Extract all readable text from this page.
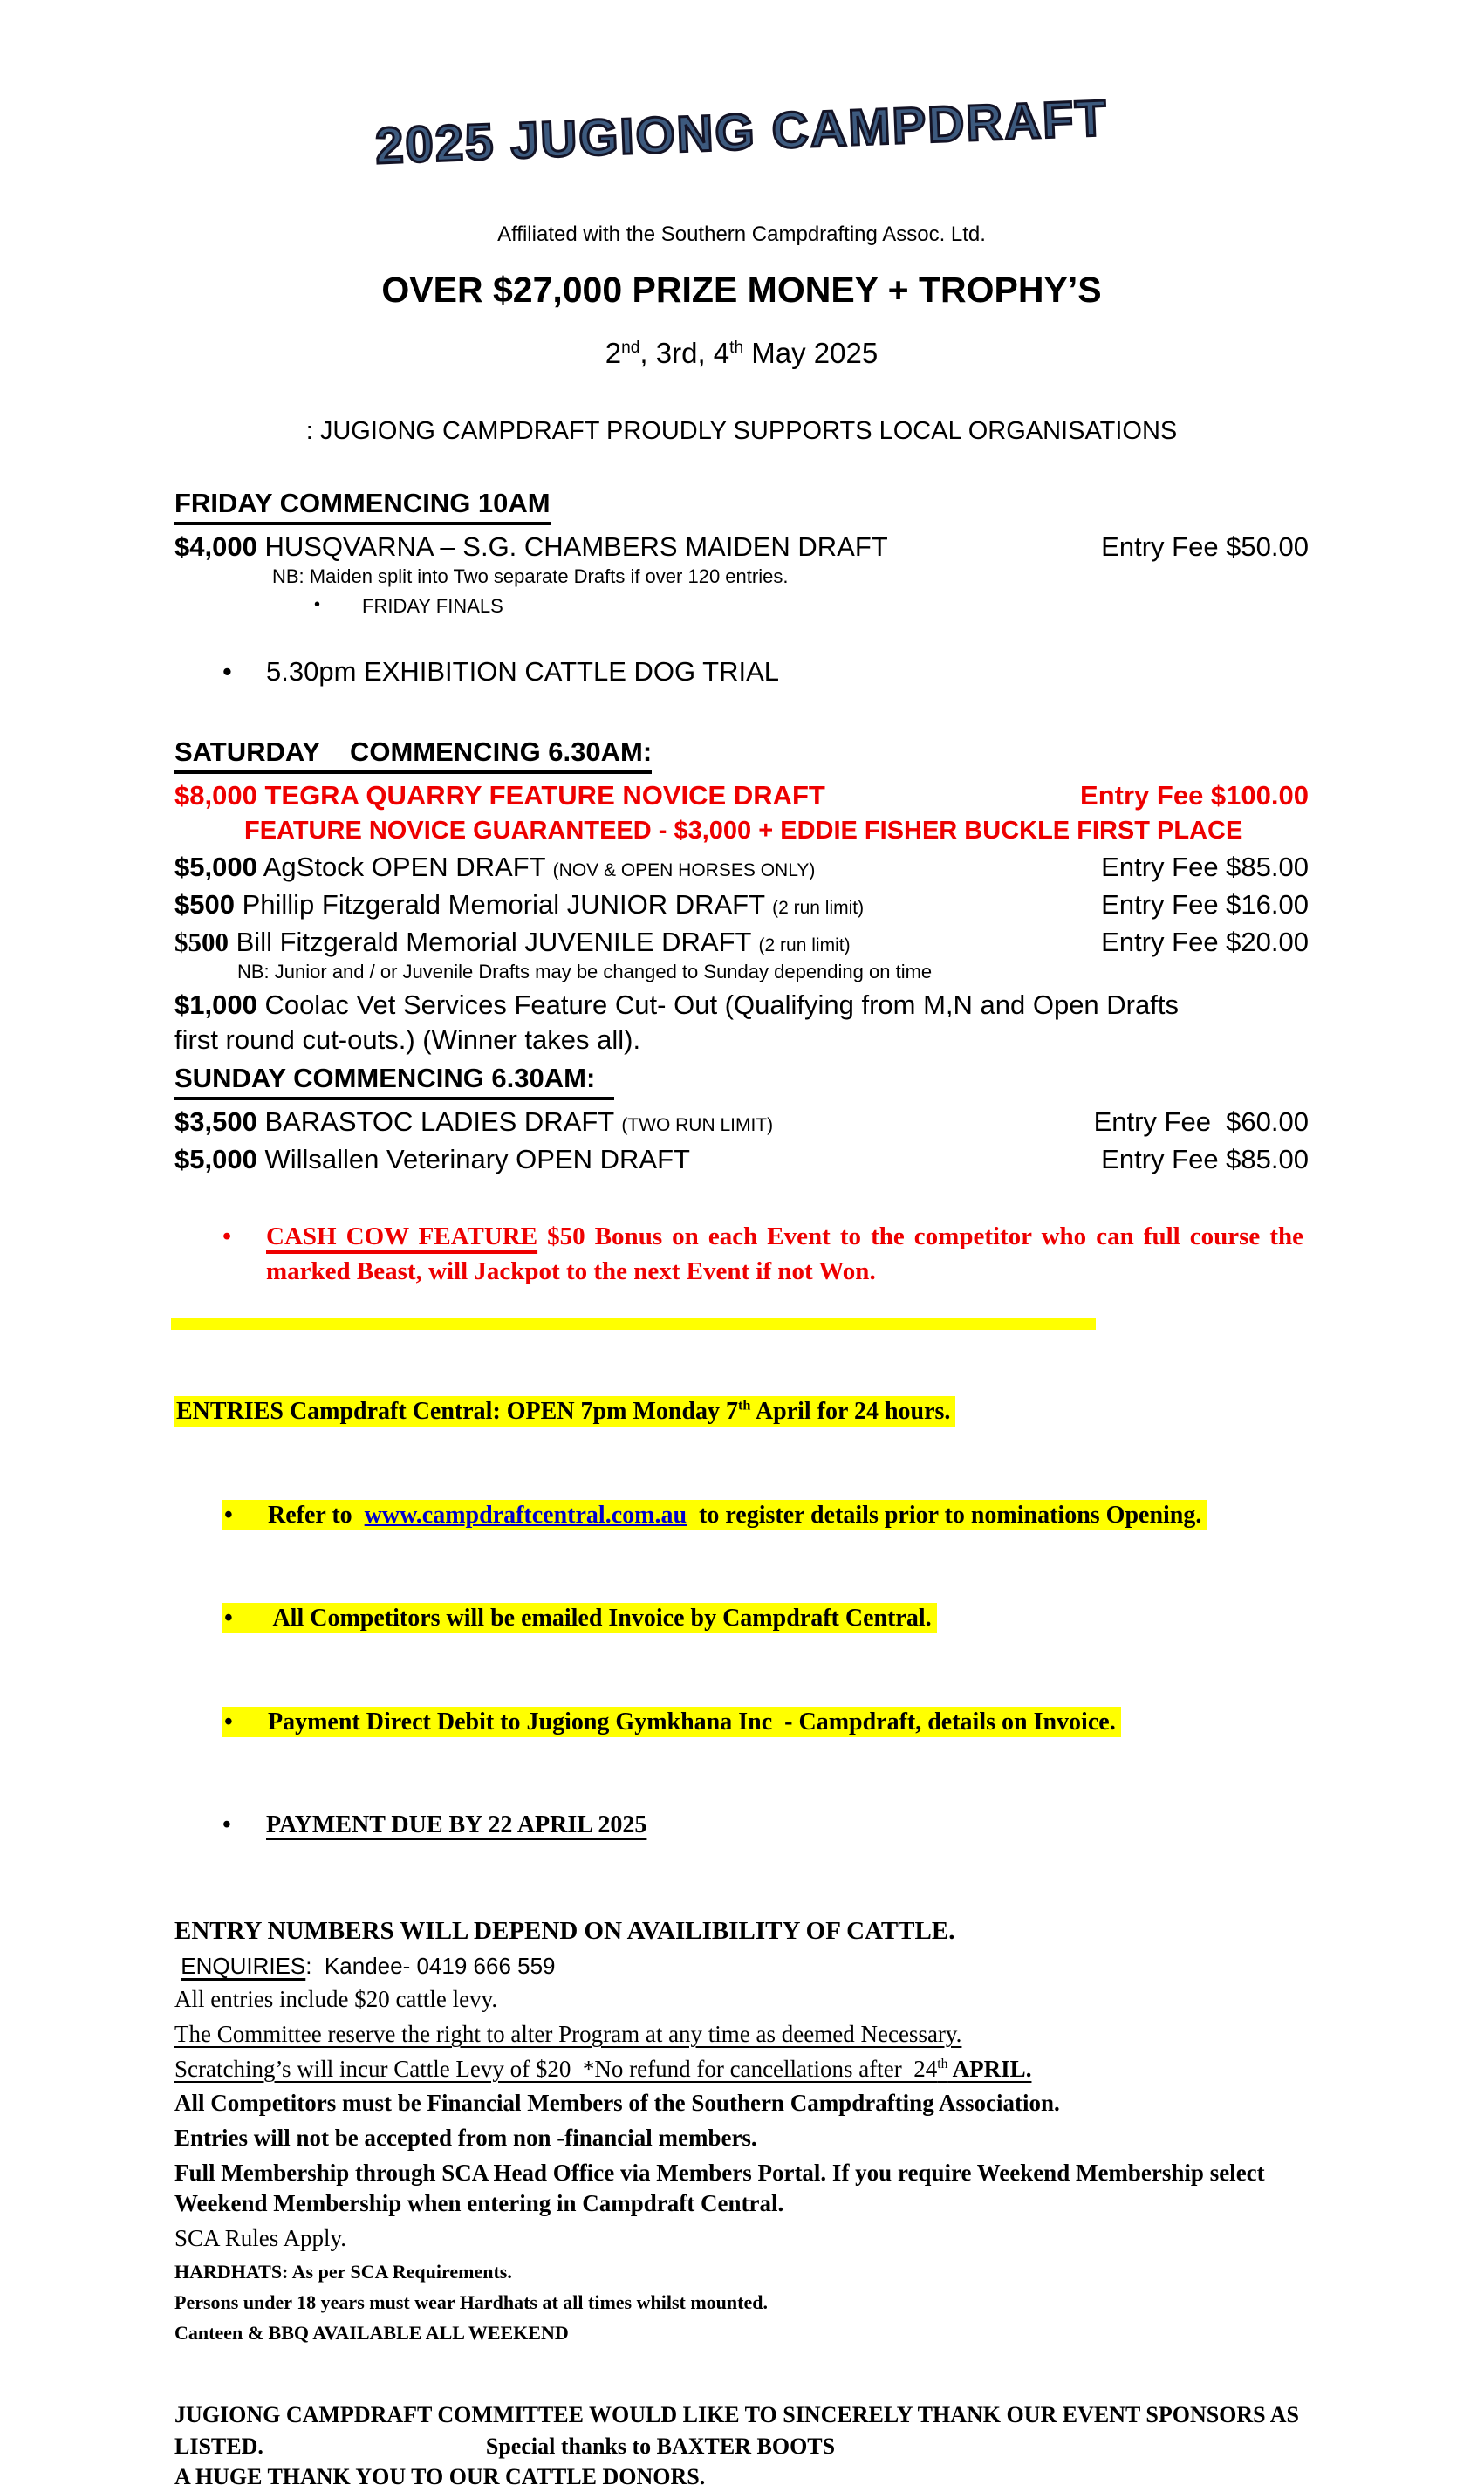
2025 JUGIONG CAMPDRAFT
Affiliated with the Southern Campdrafting Assoc. Ltd.
OVER $27,000 PRIZE MONEY + TROPHY’S
2nd, 3rd, 4th May 2025
: JUGIONG CAMPDRAFT PROUDLY SUPPORTS LOCAL ORGANISATIONS
FRIDAY COMMENCING 10AM
$4,000 HUSQVARNA – S.G. CHAMBERS MAIDEN DRAFT	Entry Fee $50.00
NB: Maiden split into Two separate Drafts if over 120 entries.
• FRIDAY FINALS
• 5.30pm EXHIBITION CATTLE DOG TRIAL
SATURDAY    COMMENCING 6.30AM:
$8,000 TEGRA QUARRY FEATURE NOVICE DRAFT	Entry Fee $100.00
FEATURE NOVICE GUARANTEED - $3,000 + EDDIE FISHER BUCKLE FIRST PLACE
$5,000 AgStock OPEN DRAFT (NOV & OPEN HORSES ONLY)	Entry Fee $85.00
$500 Phillip Fitzgerald Memorial JUNIOR DRAFT (2 run limit)	Entry Fee $16.00
$500 Bill Fitzgerald Memorial JUVENILE DRAFT (2 run limit)	Entry Fee $20.00
NB: Junior and / or Juvenile Drafts may be changed to Sunday depending on time
$1,000 Coolac Vet Services Feature Cut- Out (Qualifying from M,N and Open Drafts
first round cut-outs.) (Winner takes all).
SUNDAY COMMENCING 6.30AM:
$3,500 BARASTOC LADIES DRAFT (TWO RUN LIMIT)	Entry Fee  $60.00
$5,000 Willsallen Veterinary OPEN DRAFT	Entry Fee $85.00
• CASH COW FEATURE $50 Bonus on each Event to the competitor who can full course the marked Beast, will Jackpot to the next Event if not Won.

ENTRIES Campdraft Central: OPEN 7pm Monday 7th April for 24 hours.

• Refer to  www.campdraftcentral.com.au  to register details prior to nominations Opening.

•  All Competitors will be emailed Invoice by Campdraft Central.

• Payment Direct Debit to Jugiong Gymkhana Inc  - Campdraft, details on Invoice.

• PAYMENT DUE BY 22 APRIL 2025

ENTRY NUMBERS WILL DEPEND ON AVAILIBILITY OF CATTLE.
ENQUIRIES:  Kandee- 0419 666 559
All entries include $20 cattle levy.
The Committee reserve the right to alter Program at any time as deemed Necessary.
Scratching’s will incur Cattle Levy of $20  *No refund for cancellations after  24th APRIL.
All Competitors must be Financial Members of the Southern Campdrafting Association.
Entries will not be accepted from non -financial members.
Full Membership through SCA Head Office via Members Portal. If you require Weekend Membership select Weekend Membership when entering in Campdraft Central.
SCA Rules Apply.
HARDHATS: As per SCA Requirements.
Persons under 18 years must wear Hardhats at all times whilst mounted.
Canteen & BBQ AVAILABLE ALL WEEKEND
JUGIONG CAMPDRAFT COMMITTEE WOULD LIKE TO SINCERELY THANK OUR EVENT SPONSORS AS
LISTED.	Special thanks to BAXTER BOOTS
A HUGE THANK YOU TO OUR CATTLE DONORS.
